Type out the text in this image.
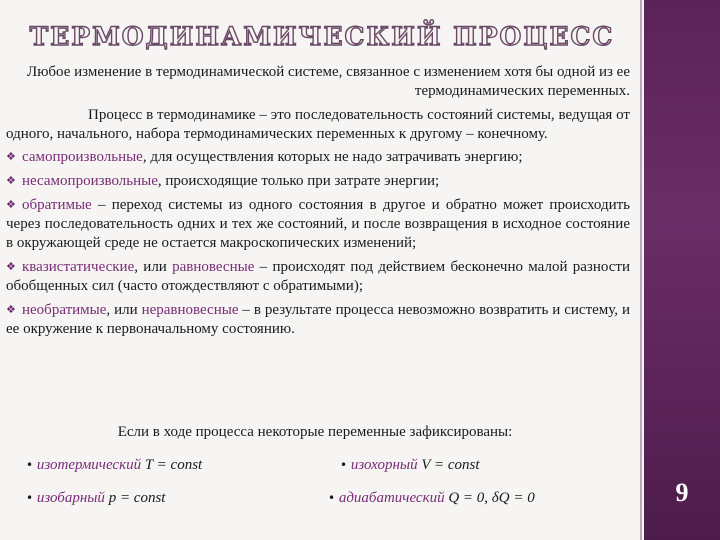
ТЕРМОДИНАМИЧЕСКИЙ ПРОЦЕСС

Любое изменение в термодинамической системе, связанное с изменением хотя бы одной из ее термодинамических переменных.

Процесс в термодинамике – это последовательность состояний системы, ведущая от одного, начального, набора термодинамических переменных к другому – конечному.

❖ самопроизвольные, для осуществления которых не надо затрачивать энергию;

❖ несамопроизвольные, происходящие только при затрате энергии;

❖ обратимые – переход системы из одного состояния в другое и обратно может происходить через последовательность одних и тех же состояний, и после возвращения в исходное состояние в окружающей среде не остается макроскопических изменений;

❖ квазистатические, или равновесные – происходят под действием бесконечно малой разности обобщенных сил (часто отождествляют с обратимыми);

❖ необратимые, или неравновесные – в результате процесса невозможно возвратить и систему, и ее окружение к первоначальному состоянию.

Если в ходе процесса некоторые переменные зафиксированы:
• изотермический T = const	• изохорный V = const
• изобарный p = const	• адиабатический Q = 0, δQ = 0	9
